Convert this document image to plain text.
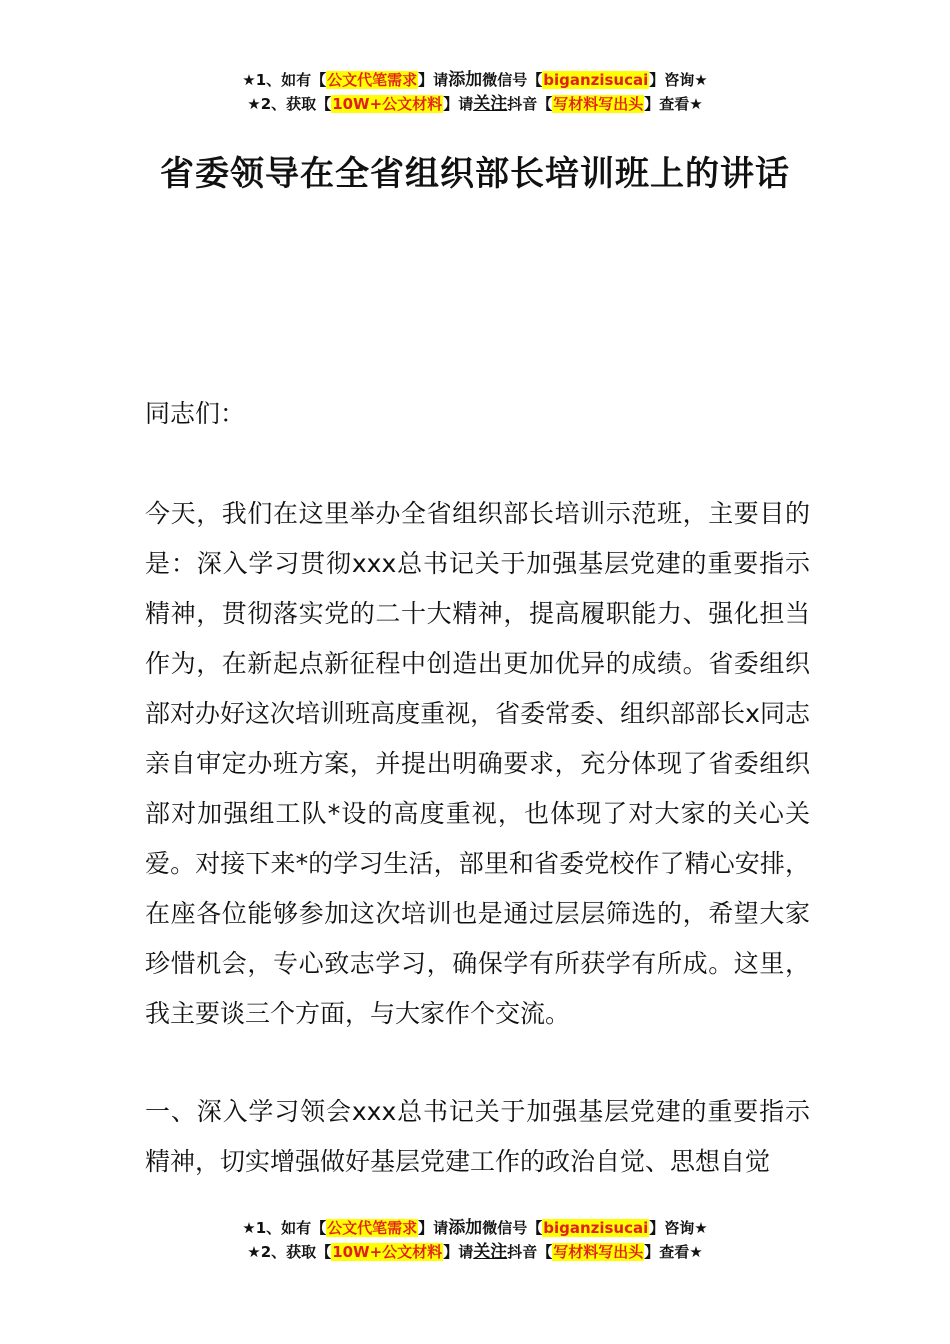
★1、如有【公文代笔需求】请添加微信号【biganzisucai】咨询★
★2、获取【10W+公文材料】请关注抖音【写材料写出头】查看★
省委领导在全省组织部长培训班上的讲话

同志们：

今天，我们在这里举办全省组织部长培训示范班，主要目的是：深入学习贯彻xxx总书记关于加强基层党建的重要指示精神，贯彻落实党的二十大精神，提高履职能力、强化担当作为，在新起点新征程中创造出更加优异的成绩。省委组织部对办好这次培训班高度重视，省委常委、组织部部长x同志亲自审定办班方案，并提出明确要求，充分体现了省委组织部对加强组工队*设的高度重视，也体现了对大家的关心关爱。对接下来*的学习生活，部里和省委党校作了精心安排，在座各位能够参加这次培训也是通过层层筛选的，希望大家珍惜机会，专心致志学习，确保学有所获学有所成。这里，我主要谈三个方面，与大家作个交流。

一、深入学习领会xxx总书记关于加强基层党建的重要指示精神，切实增强做好基层党建工作的政治自觉、思想自觉

★1、如有【公文代笔需求】请添加微信号【biganzisucai】咨询★
★2、获取【10W+公文材料】请关注抖音【写材料写出头】查看★
